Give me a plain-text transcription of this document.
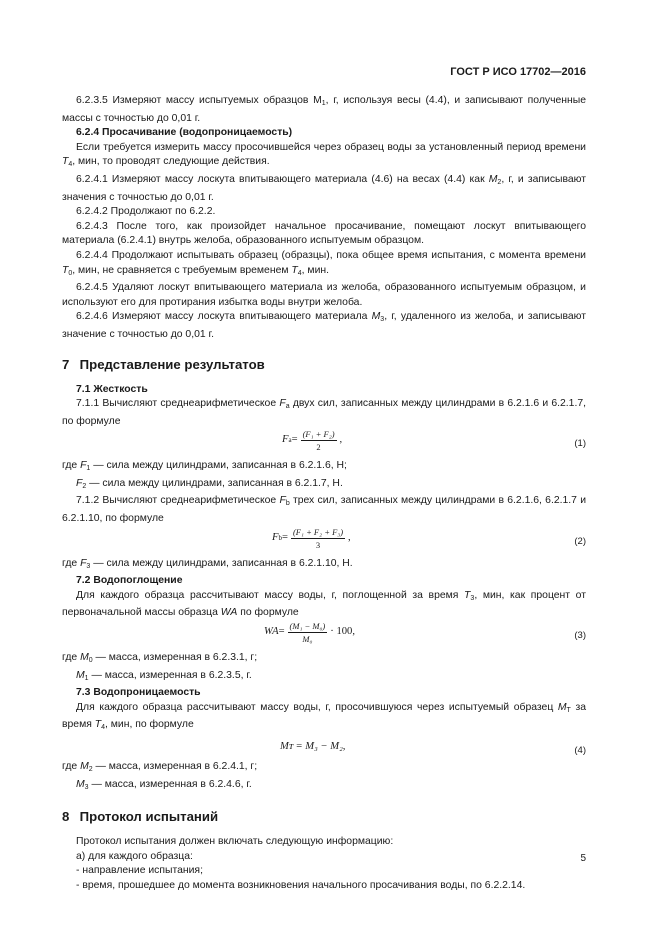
ГОСТ Р ИСО 17702—2016

6.2.3.5 Измеряют массу испытуемых образцов $М_1$, г, используя весы (4.4), и записывают полученные массы с точностью до 0,01 г.

6.2.4 Просачивание (водопроницаемость)

Если требуется измерить массу просочившейся через образец воды за установленный период времени $T_4$, мин, то проводят следующие действия.

6.2.4.1 Измеряют массу лоскута впитывающего материала (4.6) на весах (4.4) как $M_2$, г, и записывают значения с точностью до 0,01 г.

6.2.4.2 Продолжают по 6.2.2.

6.2.4.3 После того, как произойдет начальное просачивание, помещают лоскут впитывающего материала (6.2.4.1) внутрь желоба, образованного испытуемым образцом.

6.2.4.4 Продолжают испытывать образец (образцы), пока общее время испытания, с момента времени $T_0$, мин, не сравняется с требуемым временем $T_4$, мин.

6.2.4.5 Удаляют лоскут впитывающего материала из желоба, образованного испытуемым образцом, и используют его для протирания избытка воды внутри желоба.

6.2.4.6 Измеряют массу лоскута впитывающего материала $M_3$, г, удаленного из желоба, и записывают значение с точностью до 0,01 г.

7 Представление результатов

7.1 Жесткость

7.1.1 Вычисляют среднеарифметическое $F_a$ двух сил, записанных между цилиндрами в 6.2.1.6 и 6.2.1.7, по формуле

F $a = \frac{\text{(F₁ + F₂)}}{2}$ ,	(1)

где $F_1$ — сила между цилиндрами, записанная в 6.2.1.6, Н;

$F_2$ — сила между цилиндрами, записанная в 6.2.1.7, Н.

7.1.2 Вычисляют среднеарифметическое $F_b$ трех сил, записанных между цилиндрами в 6.2.1.6, 6.2.1.7 и 6.2.1.10, по формуле

F $b = \frac{\text{(F₁ + F₂ + F₃)}}{3}$ ,	(2)

где $F_3$ — сила между цилиндрами, записанная в 6.2.1.10, Н.

7.2 Водопоглощение

Для каждого образца рассчитывают массу воды, г, поглощенной за время $T_3$, мин, как процент от первоначальной массы образца WA по формуле

WA = $\frac{\text{(M₁ − M₀)}}{\text{M₀}} \cdot 100$,	(3)

где $M_0$ — масса, измеренная в 6.2.3.1, г;

$M_1$ — масса, измеренная в 6.2.3.5, г.

7.3 Водопроницаемость

Для каждого образца рассчитывают массу воды, г, просочившуюся через испытуемый образец $M_T$ за время $T_4$, мин, по формуле

Mᴛ = M₃ − M₂,	(4)

где $M_2$ — масса, измеренная в 6.2.4.1, г;

$M_3$ — масса, измеренная в 6.2.4.6, г.

8 Протокол испытаний

Протокол испытания должен включать следующую информацию:

а) для каждого образца:

- направление испытания;

- время, прошедшее до момента возникновения начального просачивания воды, по 6.2.2.14.

5
